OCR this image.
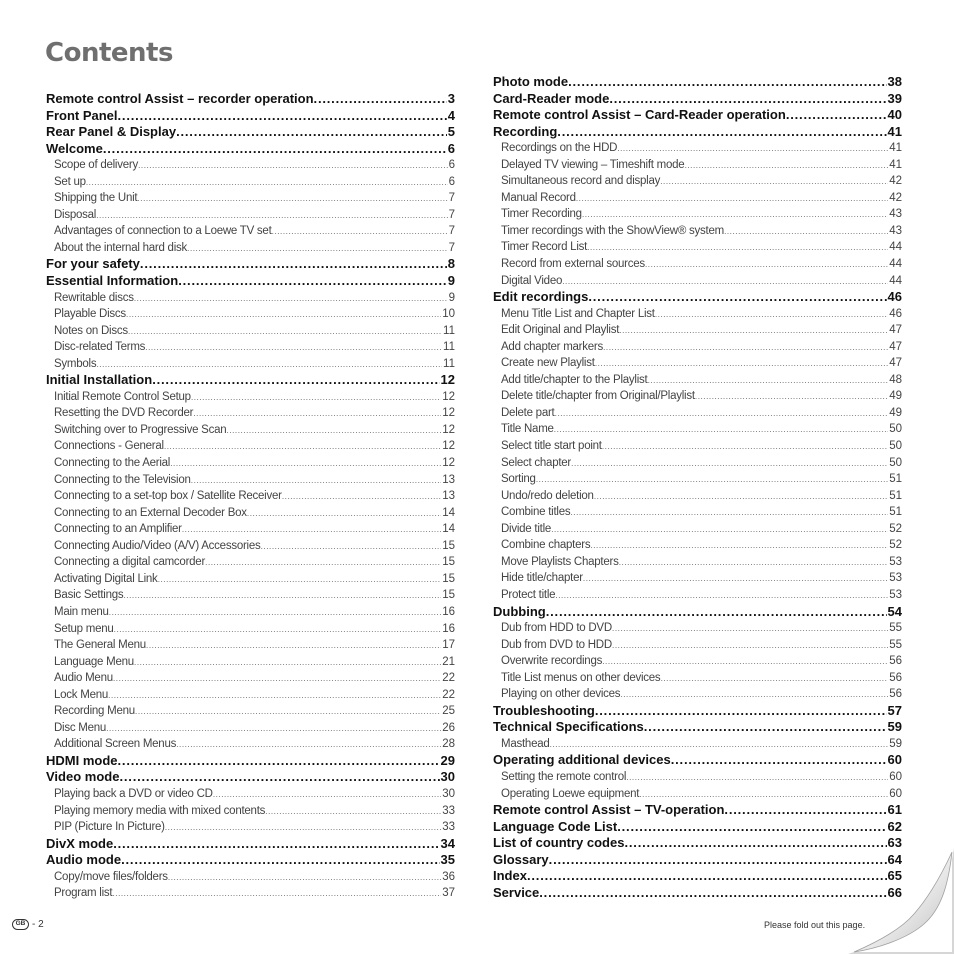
Contents
Remote control Assist – recorder operation .....	3
Front Panel .....	4
Rear Panel & Display .....	5
Welcome .....	6
Scope of delivery .....	6
Set up .....	6
Shipping the Unit .....	7
Disposal .....	7
Advantages of connection to a Loewe TV set .....	7
About the internal hard disk .....	7
For your safety .....	8
Essential Information .....	9
Rewritable discs .....	9
Playable Discs .....	10
Notes on Discs .....	11
Disc-related Terms .....	11
Symbols .....	11
Initial Installation .....	12
Initial Remote Control Setup .....	12
Resetting the DVD Recorder .....	12
Switching over to Progressive Scan .....	12
Connections - General .....	12
Connecting to the Aerial .....	12
Connecting to the Television .....	13
Connecting to a set-top box / Satellite Receiver .....	13
Connecting to an External Decoder Box .....	14
Connecting to an Amplifier .....	14
Connecting Audio/Video (A/V) Accessories .....	15
Connecting a digital camcorder .....	15
Activating Digital Link .....	15
Basic Settings .....	15
Main menu .....	16
Setup menu .....	16
The General Menu .....	17
Language Menu .....	21
Audio Menu .....	22
Lock Menu .....	22
Recording Menu .....	25
Disc Menu .....	26
Additional Screen Menus .....	28
HDMI mode .....	29
Video mode .....	30
Playing back a DVD or video CD .....	30
Playing memory media with mixed contents .....	33
PIP (Picture In Picture) .....	33
DivX mode .....	34
Audio mode .....	35
Copy/move files/folders .....	36
Program list .....	37
Photo mode .....	38
Card-Reader mode .....	39
Remote control Assist – Card-Reader operation .....	40
Recording .....	41
Recordings on the HDD .....	41
Delayed TV viewing – Timeshift mode .....	41
Simultaneous record and display .....	42
Manual Record .....	42
Timer Recording .....	43
Timer recordings with the ShowView® system .....	43
Timer Record List .....	44
Record from external sources .....	44
Digital Video .....	44
Edit recordings .....	46
Menu Title List and Chapter List .....	46
Edit Original and Playlist .....	47
Add chapter markers .....	47
Create new Playlist .....	47
Add title/chapter to the Playlist .....	48
Delete title/chapter from Original/Playlist .....	49
Delete part .....	49
Title Name .....	50
Select title start point .....	50
Select chapter .....	50
Sorting .....	51
Undo/redo deletion .....	51
Combine titles .....	51
Divide title .....	52
Combine chapters .....	52
Move Playlists Chapters .....	53
Hide title/chapter .....	53
Protect title .....	53
Dubbing .....	54
Dub from HDD to DVD .....	55
Dub from DVD to HDD .....	55
Overwrite recordings .....	56
Title List menus on other devices .....	56
Playing on other devices .....	56
Troubleshooting .....	57
Technical Specifications .....	59
Masthead .....	59
Operating additional devices .....	60
Setting the remote control .....	60
Operating Loewe equipment .....	60
Remote control Assist – TV-operation .....	61
Language Code List .....	62
List of country codes .....	63
Glossary .....	64
Index .....	65
Service .....	66
GB - 2	Please fold out this page.
